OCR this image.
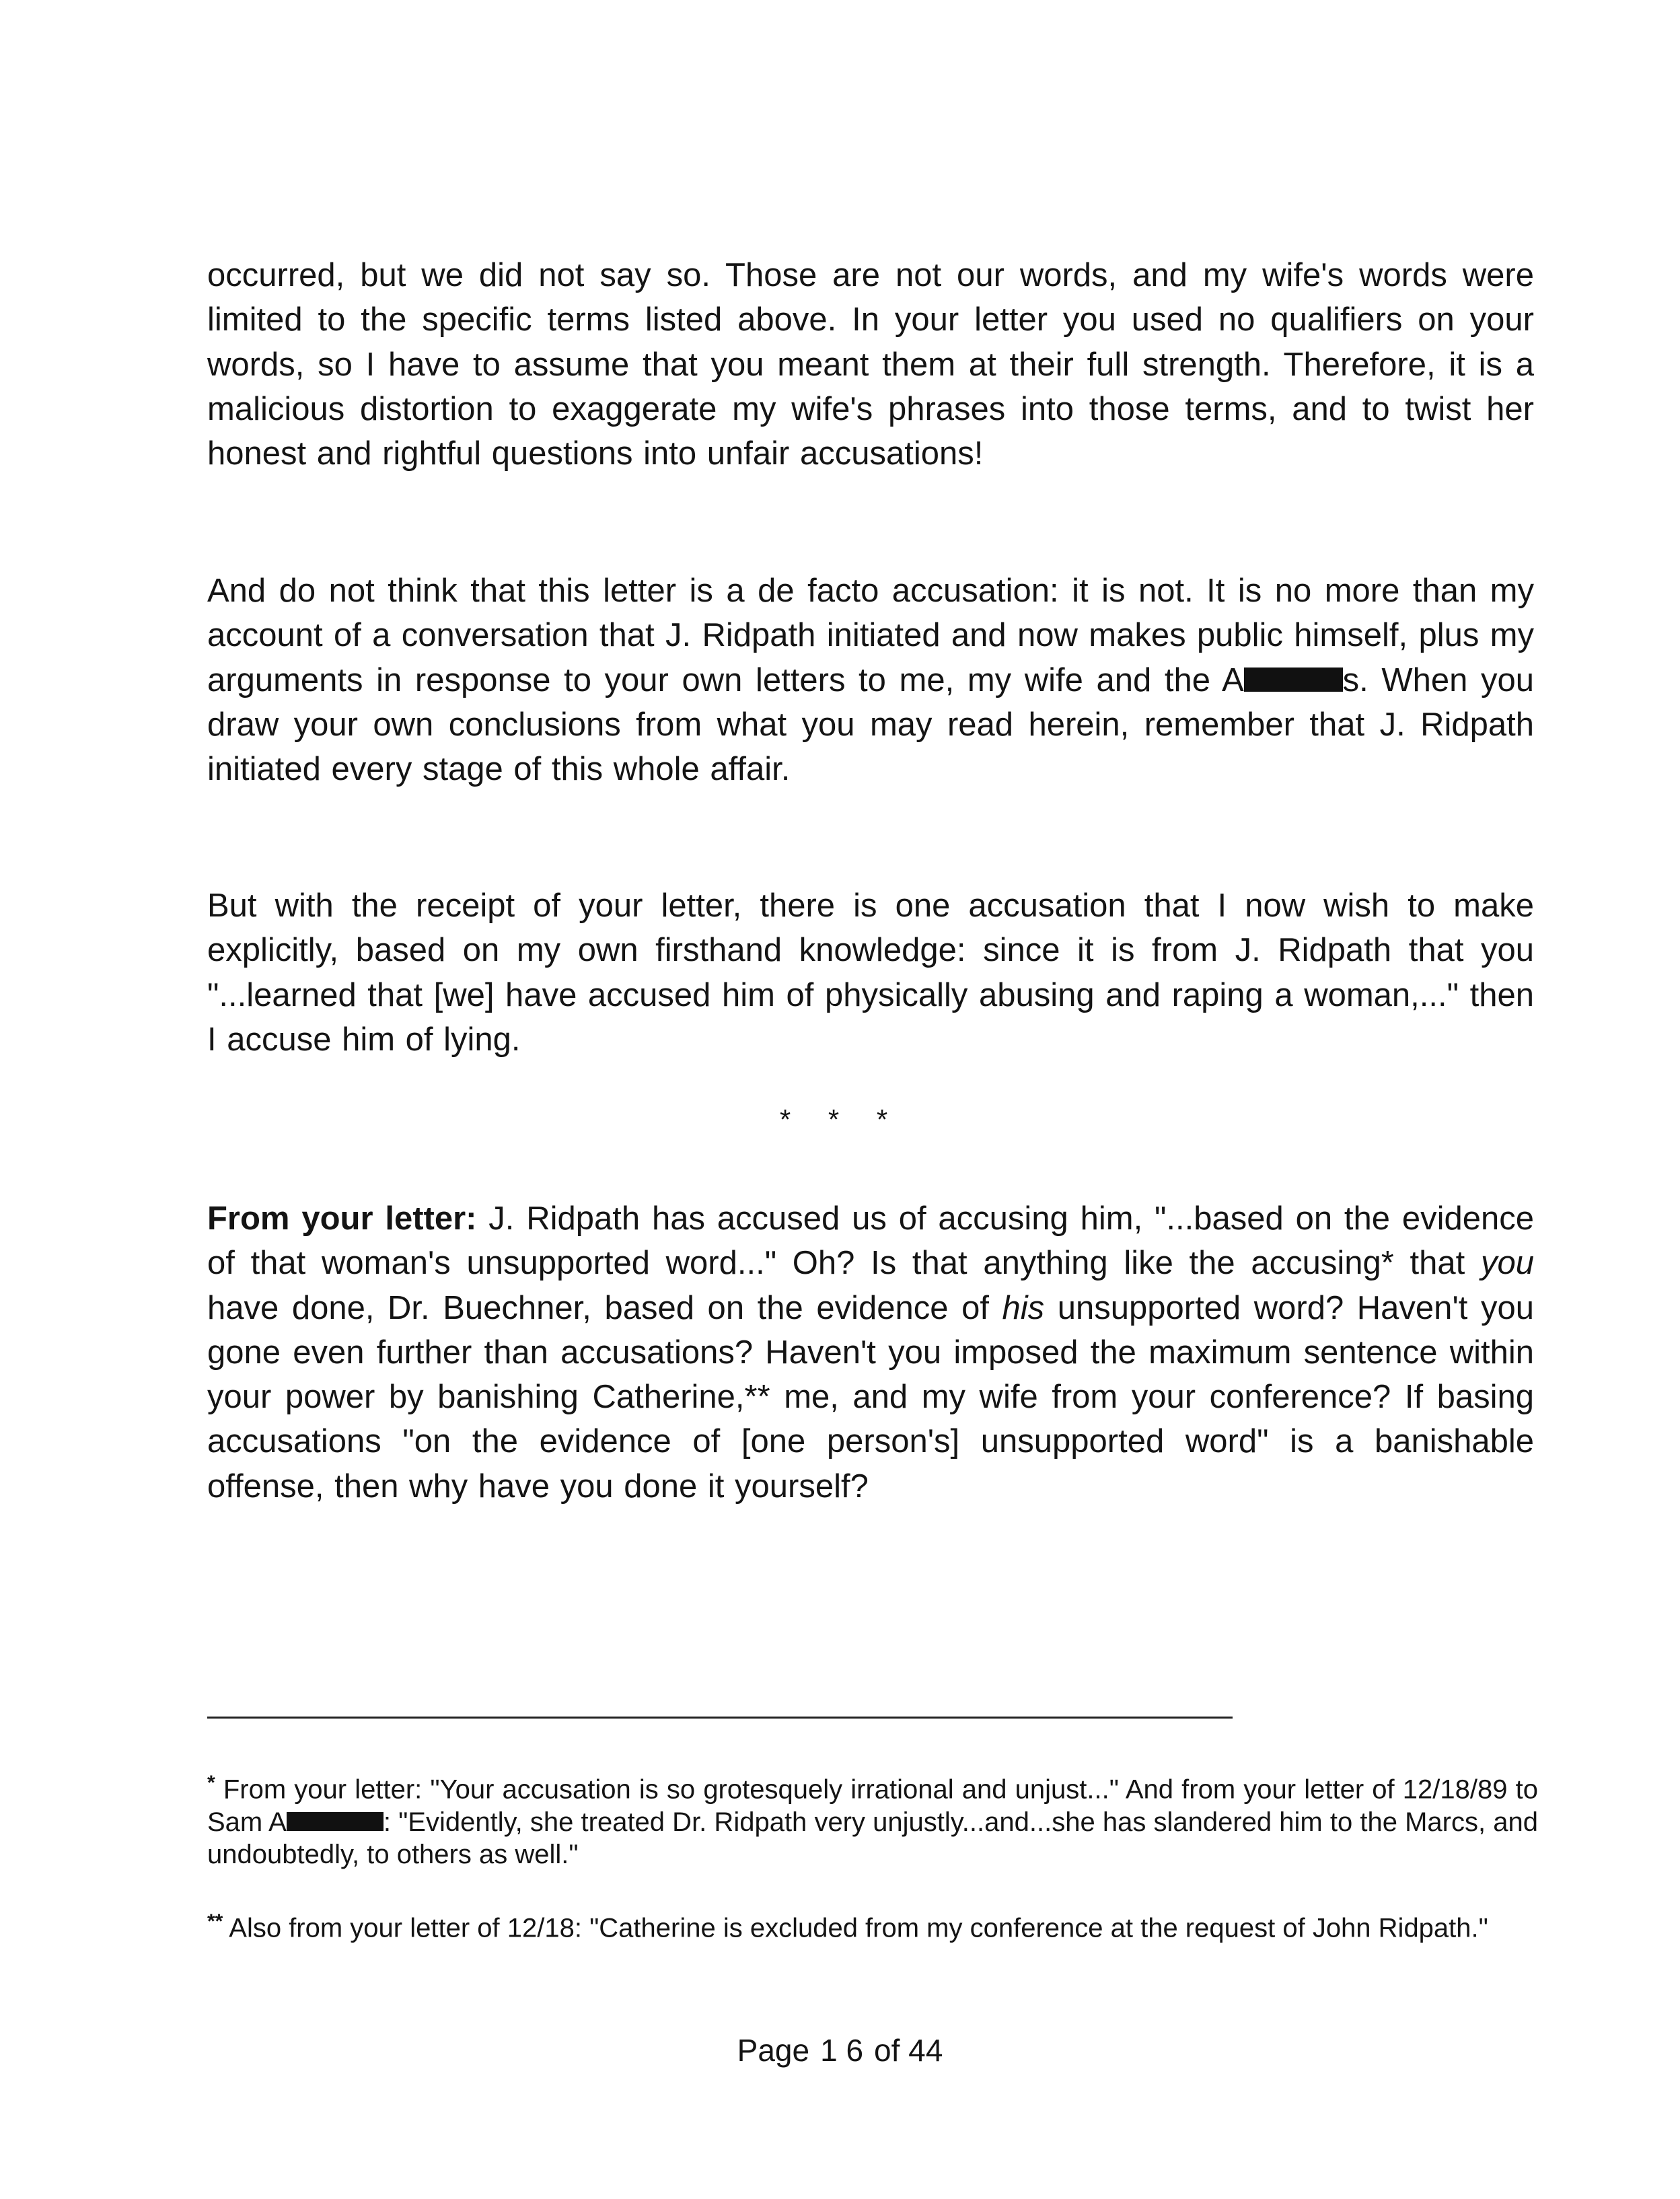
occurred, but we did not say so. Those are not our words, and my wife's words were limited to the specific terms listed above. In your letter you used no qualifiers on your words, so I have to assume that you meant them at their full strength. Therefore, it is a malicious distortion to exaggerate my wife's phrases into those terms, and to twist her honest and rightful questions into unfair accusations!

And do not think that this letter is a de facto accusation: it is not. It is no more than my account of a conversation that J. Ridpath initiated and now makes public himself, plus my arguments in response to your own letters to me, my wife and the A	s. When you draw your own conclusions from what you may read herein, remember that J. Ridpath initiated every stage of this whole affair.

But with the receipt of your letter, there is one accusation that I now wish to make explicitly, based on my own firsthand knowledge: since it is from J. Ridpath that you "...learned that [we] have accused him of physically abusing and raping a woman,..." then I accuse him of lying.

* * *

From your letter: J. Ridpath has accused us of accusing him, "...based on the evidence of that woman's unsupported word..." Oh? Is that anything like the accusing* that you have done, Dr. Buechner, based on the evidence of his unsupported word? Haven't you gone even further than accusations? Haven't you imposed the maximum sentence within your power by banishing Catherine,** me, and my wife from your conference? If basing accusations "on the evidence of [one person's] unsupported word" is a banishable offense, then why have you done it yourself?

* From your letter: "Your accusation is so grotesquely irrational and unjust..." And from your letter of 12/18/89 to Sam A	: "Evidently, she treated Dr. Ridpath very unjustly...and...she has slandered him to the Marcs, and undoubtedly, to others as well."

** Also from your letter of 12/18: "Catherine is excluded from my conference at the request of John Ridpath."

Page 1 6 of 44
